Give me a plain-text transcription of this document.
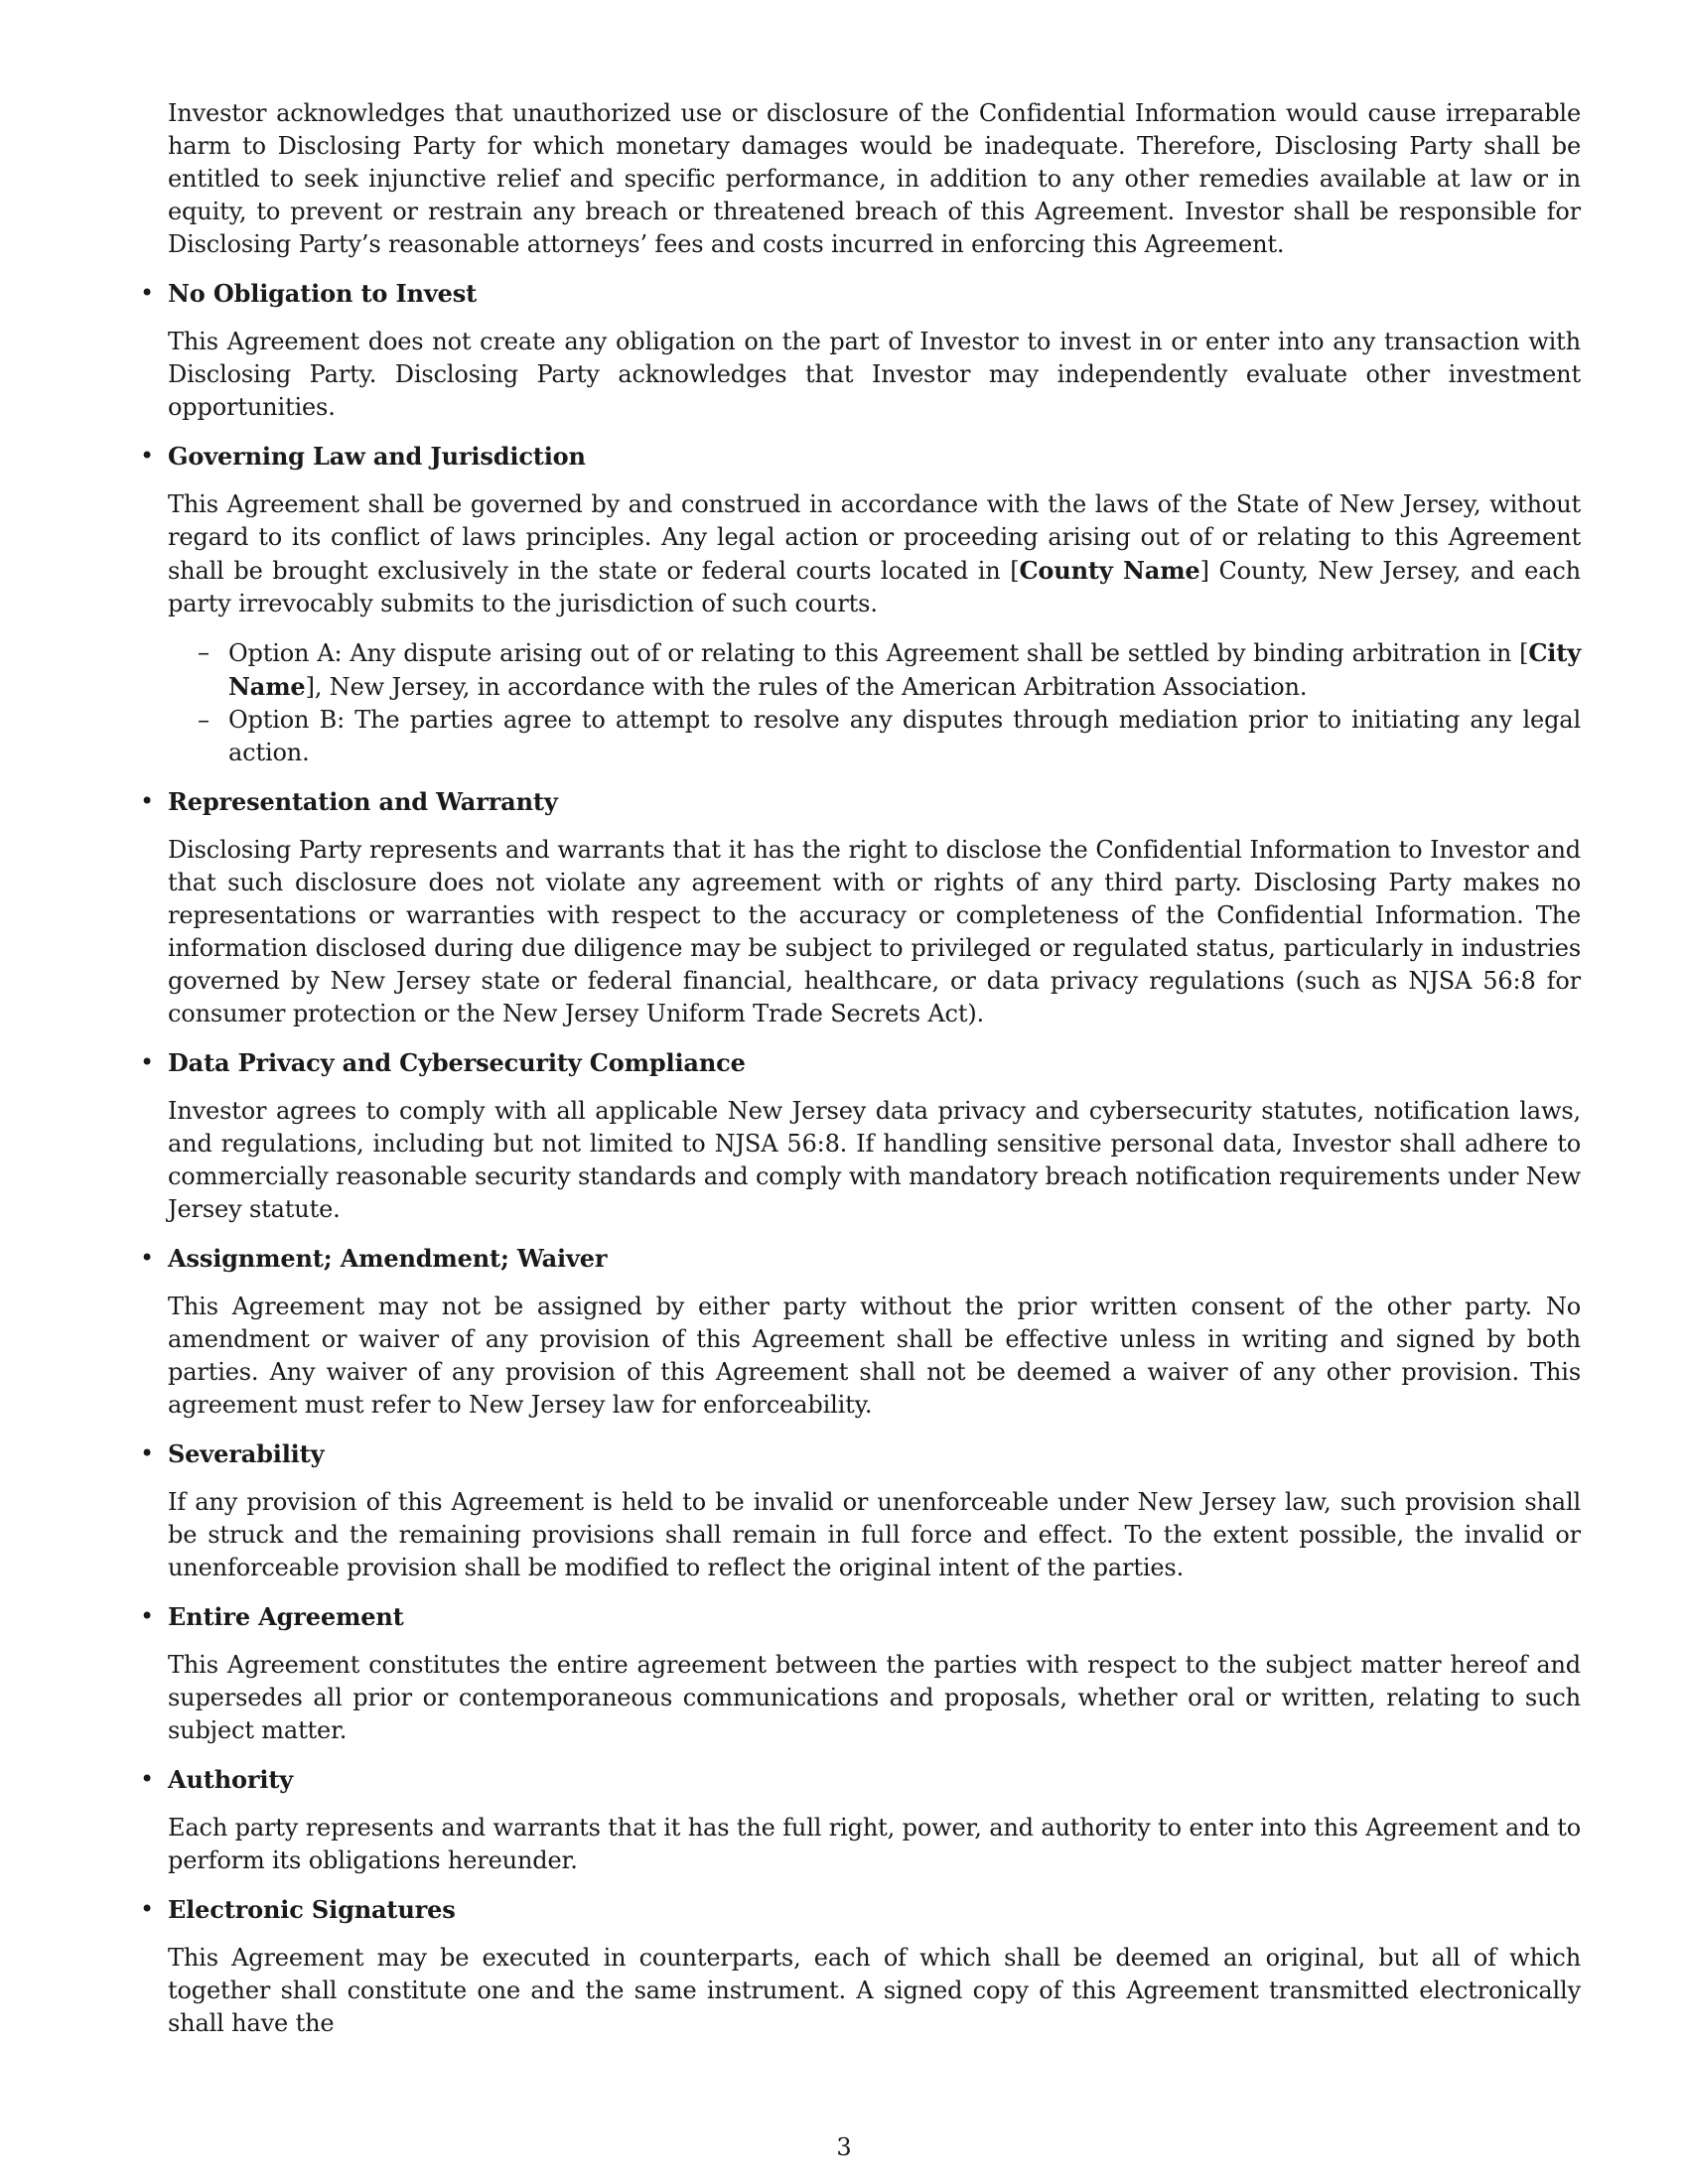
Investor acknowledges that unauthorized use or disclosure of the Confidential Information would cause irreparable harm to Disclosing Party for which monetary damages would be inadequate. Therefore, Disclosing Party shall be entitled to seek injunctive relief and specific performance, in addition to any other remedies available at law or in equity, to prevent or restrain any breach or threatened breach of this Agreement. Investor shall be responsible for Disclosing Party’s reasonable attorneys’ fees and costs incurred in enforcing this Agreement.

• No Obligation to Invest

This Agreement does not create any obligation on the part of Investor to invest in or enter into any transaction with Disclosing Party. Disclosing Party acknowledges that Investor may independently evaluate other investment opportunities.

• Governing Law and Jurisdiction

This Agreement shall be governed by and construed in accordance with the laws of the State of New Jersey, without regard to its conflict of laws principles. Any legal action or proceeding arising out of or relating to this Agreement shall be brought exclusively in the state or federal courts located in [County Name] County, New Jersey, and each party irrevocably submits to the jurisdiction of such courts.

– Option A: Any dispute arising out of or relating to this Agreement shall be settled by binding arbitration in [City Name], New Jersey, in accordance with the rules of the American Arbitration Association.
– Option B: The parties agree to attempt to resolve any disputes through mediation prior to initiating any legal action.
• Representation and Warranty

Disclosing Party represents and warrants that it has the right to disclose the Confidential Information to Investor and that such disclosure does not violate any agreement with or rights of any third party. Disclosing Party makes no representations or warranties with respect to the accuracy or completeness of the Confidential Information. The information disclosed during due diligence may be subject to privileged or regulated status, particularly in industries governed by New Jersey state or federal financial, healthcare, or data privacy regulations (such as NJSA 56:8 for consumer protection or the New Jersey Uniform Trade Secrets Act).

• Data Privacy and Cybersecurity Compliance

Investor agrees to comply with all applicable New Jersey data privacy and cybersecurity statutes, notification laws, and regulations, including but not limited to NJSA 56:8. If handling sensitive personal data, Investor shall adhere to commercially reasonable security standards and comply with mandatory breach notification requirements under New Jersey statute.

• Assignment; Amendment; Waiver

This Agreement may not be assigned by either party without the prior written consent of the other party. No amendment or waiver of any provision of this Agreement shall be effective unless in writing and signed by both parties. Any waiver of any provision of this Agreement shall not be deemed a waiver of any other provision. This agreement must refer to New Jersey law for enforceability.

• Severability

If any provision of this Agreement is held to be invalid or unenforceable under New Jersey law, such provision shall be struck and the remaining provisions shall remain in full force and effect. To the extent possible, the invalid or unenforceable provision shall be modified to reflect the original intent of the parties.

• Entire Agreement

This Agreement constitutes the entire agreement between the parties with respect to the subject matter hereof and supersedes all prior or contemporaneous communications and proposals, whether oral or written, relating to such subject matter.

• Authority

Each party represents and warrants that it has the full right, power, and authority to enter into this Agreement and to perform its obligations hereunder.

• Electronic Signatures

This Agreement may be executed in counterparts, each of which shall be deemed an original, but all of which together shall constitute one and the same instrument. A signed copy of this Agreement transmitted electronically shall have the

3
